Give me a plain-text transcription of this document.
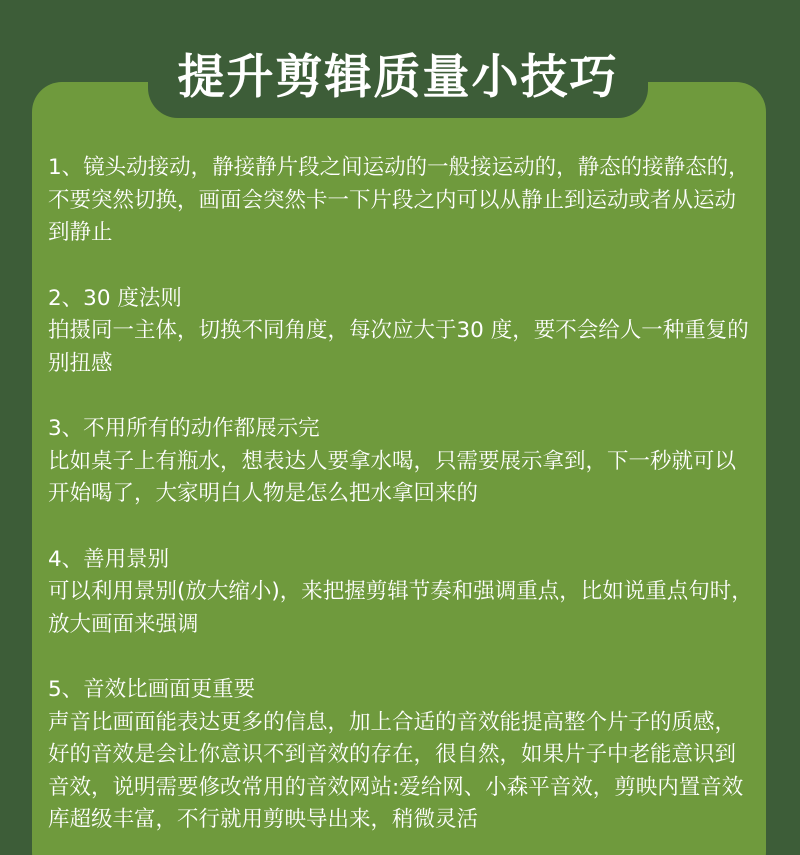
提升剪辑质量小技巧

1、镜头动接动，静接静片段之间运动的一般接运动的，静态的接静态的，不要突然切换，画面会突然卡一下片段之内可以从静止到运动或者从运动到静止

2、30 度法则

拍摄同一主体，切换不同角度，每次应大于30 度，要不会给人一种重复的别扭感

3、不用所有的动作都展示完

比如桌子上有瓶水，想表达人要拿水喝，只需要展示拿到，下一秒就可以开始喝了，大家明白人物是怎么把水拿回来的

4、善用景别

可以利用景别(放大缩小)，来把握剪辑节奏和强调重点，比如说重点句时，放大画面来强调

5、音效比画面更重要

声音比画面能表达更多的信息，加上合适的音效能提高整个片子的质感，好的音效是会让你意识不到音效的存在，很自然，如果片子中老能意识到音效，说明需要修改常用的音效网站:爱给网、小森平音效，剪映内置音效库超级丰富，不行就用剪映导出来，稍微灵活
